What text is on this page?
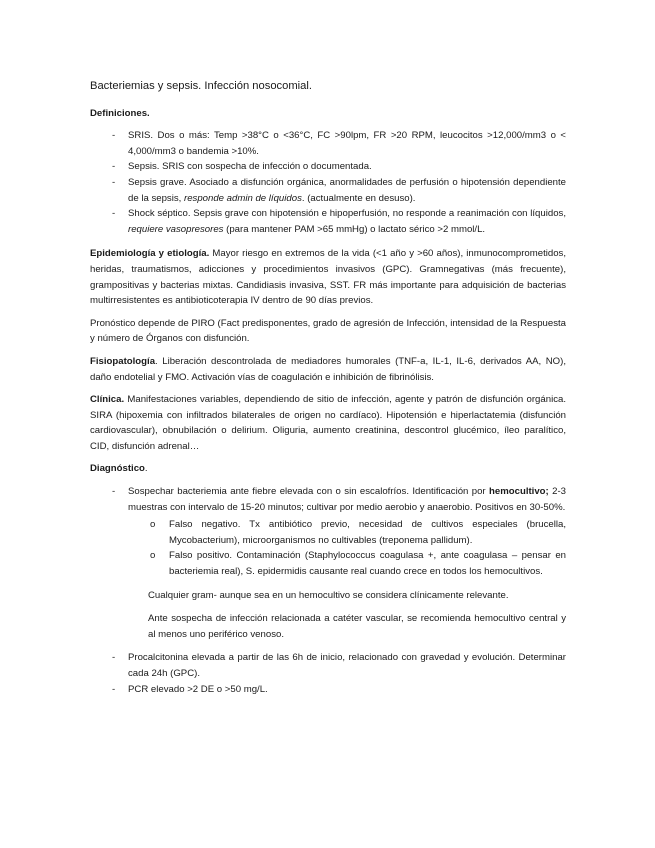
Bacteriemias y sepsis. Infección nosocomial.
Definiciones.
- SRIS. Dos o más: Temp >38°C o <36°C, FC >90lpm, FR >20 RPM, leucocitos >12,000/mm3 o < 4,000/mm3 o bandemia >10%.
- Sepsis. SRIS con sospecha de infección o documentada.
- Sepsis grave. Asociado a disfunción orgánica, anormalidades de perfusión o hipotensión dependiente de la sepsis, responde admin de líquidos. (actualmente en desuso).
- Shock séptico. Sepsis grave con hipotensión e hipoperfusión, no responde a reanimación con líquidos, requiere vasopresores (para mantener PAM >65 mmHg) o lactato sérico >2 mmol/L.
Epidemiología y etiología. Mayor riesgo en extremos de la vida (<1 año y >60 años), inmunocomprometidos, heridas, traumatismos, adicciones y procedimientos invasivos (GPC). Gramnegativas (más frecuente), grampositivas y bacterias mixtas. Candidiasis invasiva, SST. FR más importante para adquisición de bacterias multirresistentes es antibioticoterapia IV dentro de 90 días previos.
Pronóstico depende de PIRO (Fact predisponentes, grado de agresión de Infección, intensidad de la Respuesta y número de Órganos con disfunción.
Fisiopatología. Liberación descontrolada de mediadores humorales (TNF-a, IL-1, IL-6, derivados AA, NO), daño endotelial y FMO. Activación vías de coagulación e inhibición de fibrinólisis.
Clínica. Manifestaciones variables, dependiendo de sitio de infección, agente y patrón de disfunción orgánica. SIRA (hipoxemia con infiltrados bilaterales de origen no cardíaco). Hipotensión e hiperlactatemia (disfunción cardiovascular), obnubilación o delirium. Oliguria, aumento creatinina, descontrol glucémico, íleo paralítico, CID, disfunción adrenal…
Diagnóstico.
- Sospechar bacteriemia ante fiebre elevada con o sin escalofríos. Identificación por hemocultivo; 2-3 muestras con intervalo de 15-20 minutos; cultivar por medio aerobio y anaerobio. Positivos en 30-50%.
o Falso negativo. Tx antibiótico previo, necesidad de cultivos especiales (brucella, Mycobacterium), microorganismos no cultivables (treponema pallidum).
o Falso positivo. Contaminación (Staphylococcus coagulasa +, ante coagulasa – pensar en bacteriemia real), S. epidermidis causante real cuando crece en todos los hemocultivos.
Cualquier gram- aunque sea en un hemocultivo se considera clínicamente relevante.
Ante sospecha de infección relacionada a catéter vascular, se recomienda hemocultivo central y al menos uno periférico venoso.
- Procalcitonina elevada a partir de las 6h de inicio, relacionado con gravedad y evolución. Determinar cada 24h (GPC).
- PCR elevado >2 DE o >50 mg/L.
